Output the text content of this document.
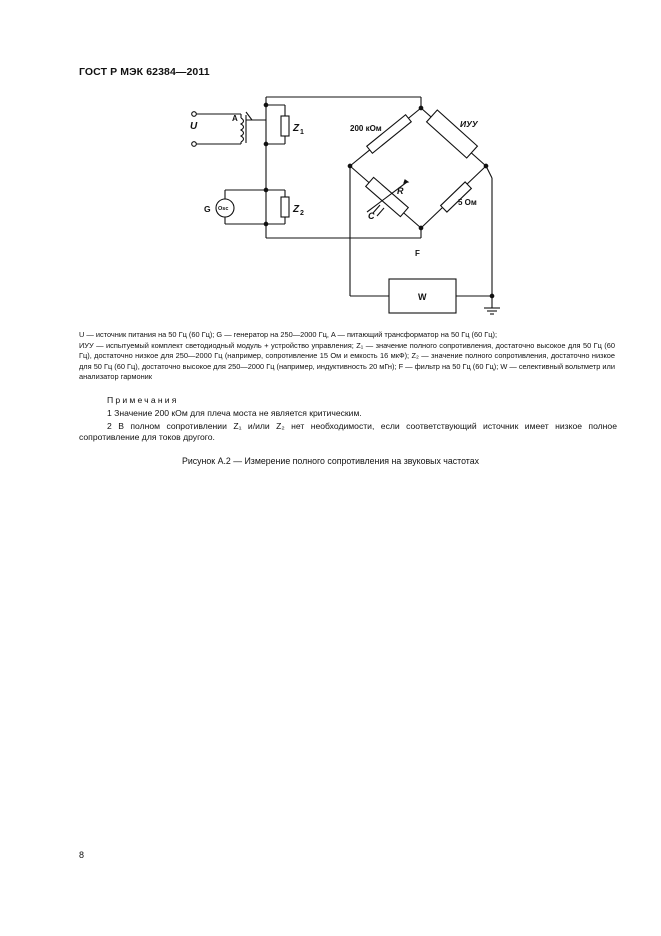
ГОСТ Р МЭК 62384—2011
U
A
Z 1
Z 2
G Osc
200 кОм	ИУУ
R
C
5 Ом
F
W

U — источник питания на 50 Гц (60 Гц); G — генератор на 250—2000 Гц, A — питающий трансформатор на 50 Гц (60 Гц);

ИУУ — испытуемый комплект светодиодный модуль + устройство управления; Z₁ — значение полного сопротивления, достаточно высокое для 50 Гц (60 Гц), достаточно низкое для 250—2000 Гц (например, сопротивление 15 Ом и емкость 16 мкФ); Z₂ — значение полного сопротивления, достаточно низкое для 50 Гц (60 Гц), достаточно высокое для 250—2000 Гц (например, индуктивность 20 мГн); F — фильтр на 50 Гц (60 Гц); W — селективный вольтметр или анализатор гармоник

Примечания
1 Значение 200 кОм для плеча моста не является критическим.
2 В полном сопротивлении Z₁ и/или Z₂ нет необходимости, если соответствующий источник имеет низкое полное сопротивление для токов другого.
Рисунок А.2 — Измерение полного сопротивления на звуковых частотах
8
